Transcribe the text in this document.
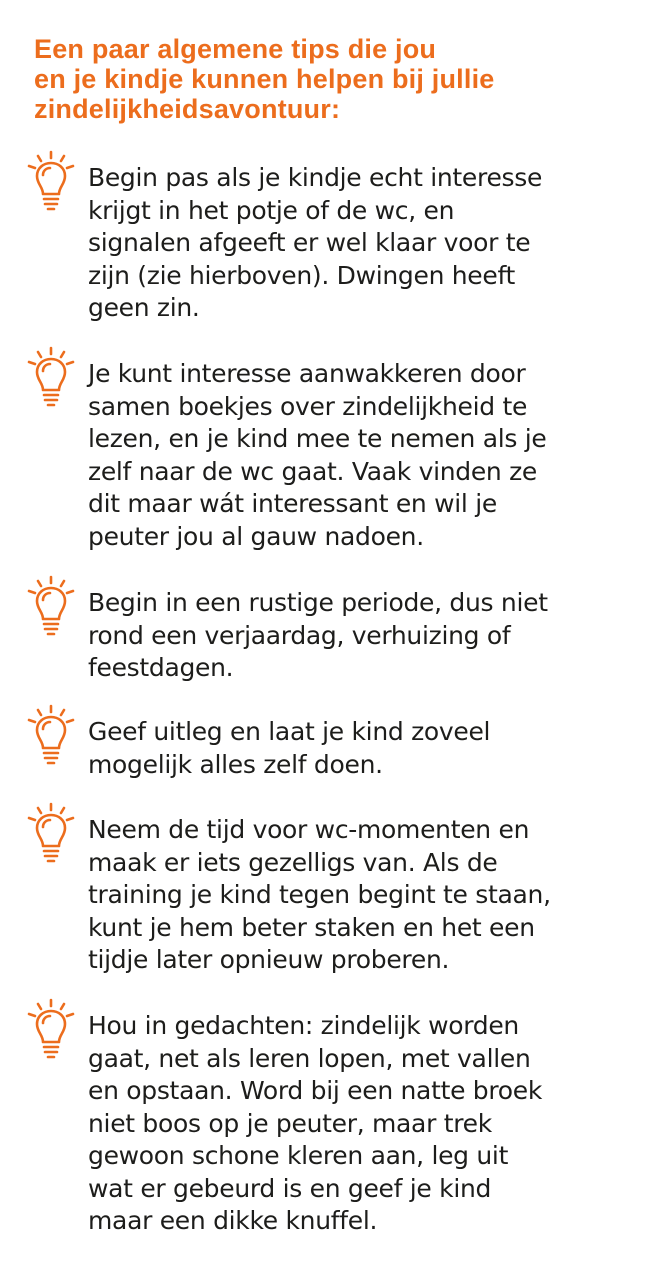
Een paar algemene tips die jou
en je kindje kunnen helpen bij jullie
zindelijkheidsavontuur:

Begin pas als je kindje echt interesse
krijgt in het potje of de wc, en
signalen afgeeft er wel klaar voor te
zijn (zie hierboven). Dwingen heeft
geen zin.

Je kunt interesse aanwakkeren door
samen boekjes over zindelijkheid te
lezen, en je kind mee te nemen als je
zelf naar de wc gaat. Vaak vinden ze
dit maar wát interessant en wil je
peuter jou al gauw nadoen.

Begin in een rustige periode, dus niet
rond een verjaardag, verhuizing of
feestdagen.

Geef uitleg en laat je kind zoveel
mogelijk alles zelf doen.

Neem de tijd voor wc-momenten en
maak er iets gezelligs van. Als de
training je kind tegen begint te staan,
kunt je hem beter staken en het een
tijdje later opnieuw proberen.

Hou in gedachten: zindelijk worden
gaat, net als leren lopen, met vallen
en opstaan. Word bij een natte broek
niet boos op je peuter, maar trek
gewoon schone kleren aan, leg uit
wat er gebeurd is en geef je kind
maar een dikke knuffel.
